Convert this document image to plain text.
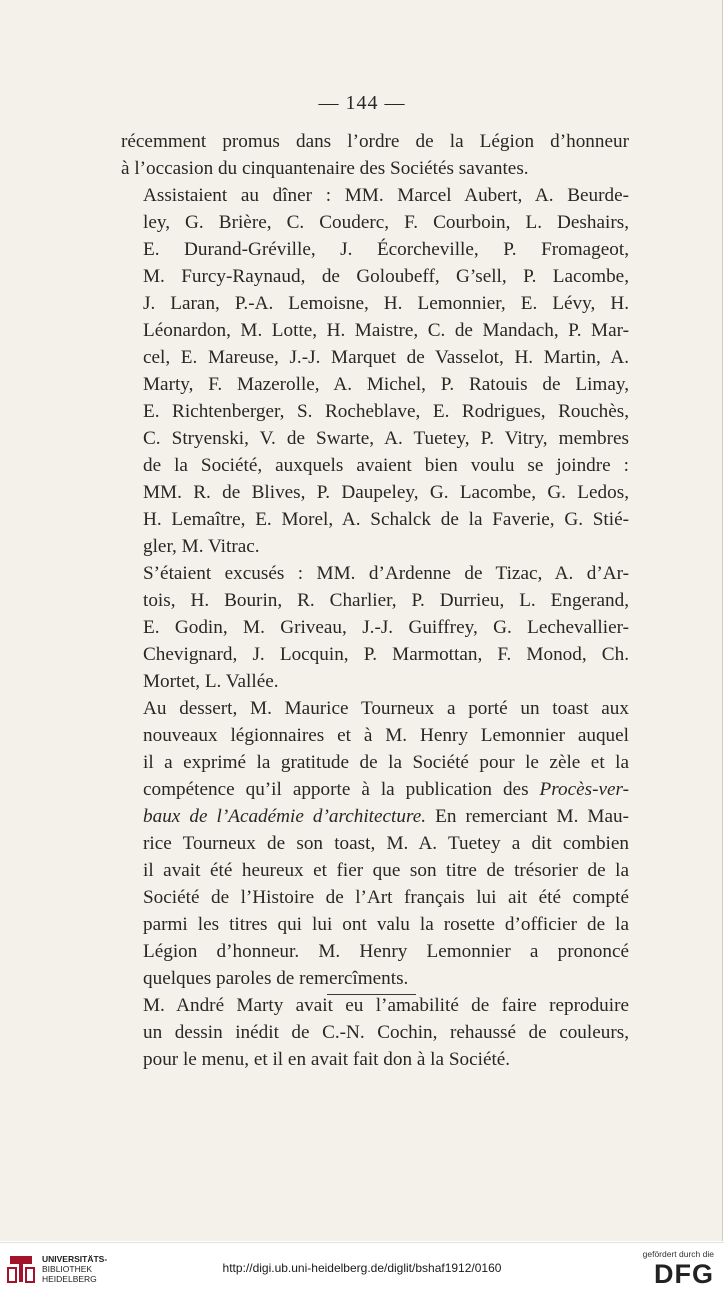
— 144 —

récemment promus dans l’ordre de la Légion d’honneur
à l’occasion du cinquantenaire des Sociétés savantes.

Assistaient au dîner : MM. Marcel Aubert, A. Beurde-
ley, G. Brière, C. Couderc, F. Courboin, L. Deshairs,
E. Durand-Gréville, J. Écorcheville, P. Fromageot,
M. Furcy-Raynaud, de Goloubeff, G’sell, P. Lacombe,
J. Laran, P.-A. Lemoisne, H. Lemonnier, E. Lévy, H.
Léonardon, M. Lotte, H. Maistre, C. de Mandach, P. Mar-
cel, E. Mareuse, J.-J. Marquet de Vasselot, H. Martin, A.
Marty, F. Mazerolle, A. Michel, P. Ratouis de Limay,
E. Richtenberger, S. Rocheblave, E. Rodrigues, Rouchès,
C. Stryenski, V. de Swarte, A. Tuetey, P. Vitry, membres
de la Société, auxquels avaient bien voulu se joindre :
MM. R. de Blives, P. Daupeley, G. Lacombe, G. Ledos,
H. Lemaître, E. Morel, A. Schalck de la Faverie, G. Stié-
gler, M. Vitrac.

S’étaient excusés : MM. d’Ardenne de Tizac, A. d’Ar-
tois, H. Bourin, R. Charlier, P. Durrieu, L. Engerand,
E. Godin, M. Griveau, J.-J. Guiffrey, G. Lechevallier-
Chevignard, J. Locquin, P. Marmottan, F. Monod, Ch.
Mortet, L. Vallée.

Au dessert, M. Maurice Tourneux a porté un toast aux
nouveaux légionnaires et à M. Henry Lemonnier auquel
il a exprimé la gratitude de la Société pour le zèle et la
compétence qu’il apporte à la publication des Procès-ver-
baux de l’Académie d’architecture. En remerciant M. Mau-
rice Tourneux de son toast, M. A. Tuetey a dit combien
il avait été heureux et fier que son titre de trésorier de la
Société de l’Histoire de l’Art français lui ait été compté
parmi les titres qui lui ont valu la rosette d’officier de la
Légion d’honneur. M. Henry Lemonnier a prononcé
quelques paroles de remercîments.

M. André Marty avait eu l’amabilité de faire reproduire
un dessin inédit de C.-N. Cochin, rehaussé de couleurs,
pour le menu, et il en avait fait don à la Société.

UNIVERSITÄTS-
BIBLIOTHEK
HEIDELBERG
http://digi.ub.uni-heidelberg.de/diglit/bshaf1912/0160
gefördert durch die
DFG
